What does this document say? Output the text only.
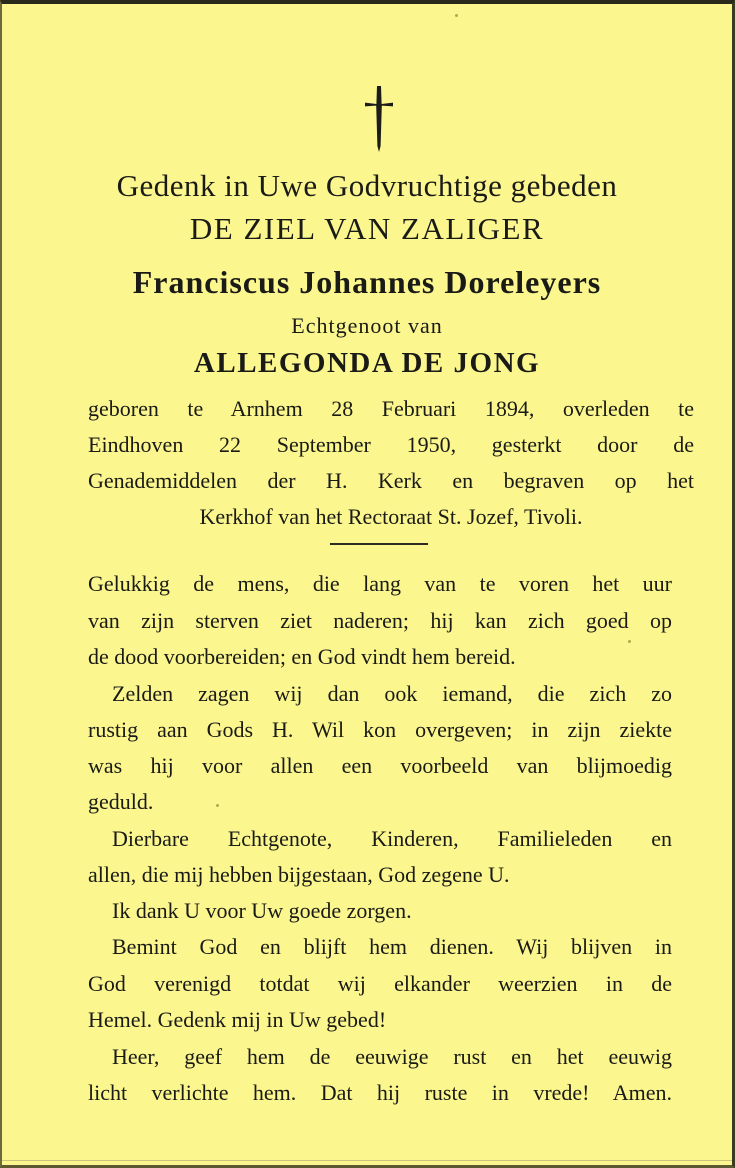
Gedenk in Uwe Godvruchtige gebeden

DE ZIEL VAN ZALIGER

Franciscus Johannes Doreleyers

Echtgenoot van

ALLEGONDA DE JONG

geboren te Arnhem 28 Februari 1894, overleden te

Eindhoven 22 September 1950, gesterkt door de

Genademiddelen der H. Kerk en begraven op het

Kerkhof van het Rectoraat St. Jozef, Tivoli.

Gelukkig de mens, die lang van te voren het uur

van zijn sterven ziet naderen; hij kan zich goed op

de dood voorbereiden; en God vindt hem bereid.

Zelden zagen wij dan ook iemand, die zich zo

rustig aan Gods H. Wil kon overgeven; in zijn ziekte

was hij voor allen een voorbeeld van blijmoedig

geduld.

Dierbare Echtgenote, Kinderen, Familieleden en

allen, die mij hebben bijgestaan, God zegene U.

Ik dank U voor Uw goede zorgen.

Bemint God en blijft hem dienen. Wij blijven in

God verenigd totdat wij elkander weerzien in de

Hemel. Gedenk mij in Uw gebed!

Heer, geef hem de eeuwige rust en het eeuwig

licht verlichte hem. Dat hij ruste in vrede! Amen.
